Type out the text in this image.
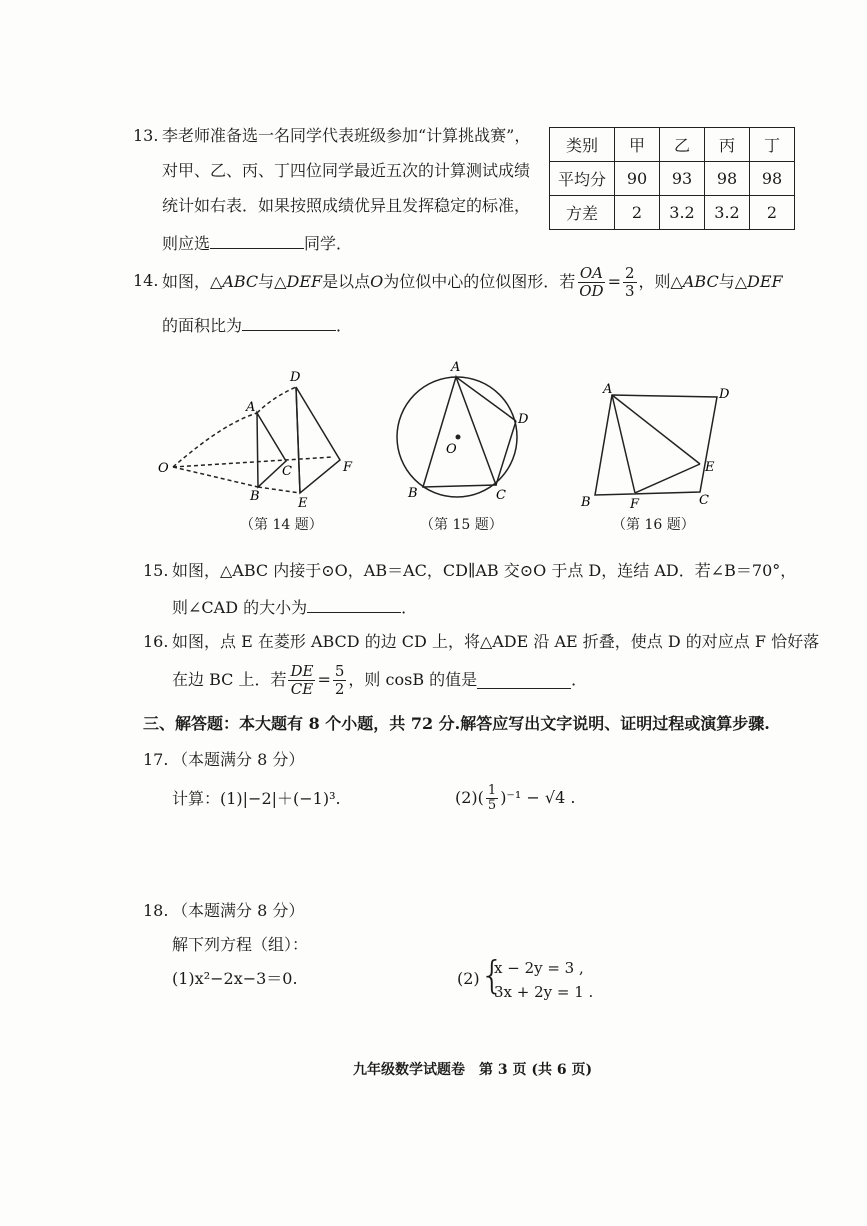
13. 李老师准备选一名同学代表班级参加“计算挑战赛”，
对甲、乙、丙、丁四位同学最近五次的计算测试成绩
统计如右表．如果按照成绩优异且发挥稳定的标准，
则应选	同学．
类别	甲	乙	丙	丁
平均分	90	93	98	98
方差	2	3.2	3.2	2
14. 如图，△ ABC 与△ DEF 是以点 O 为位似中心的位似图形．若 $\frac{OA}{OD} = \frac{2}{3}$ ，则△ ABC 与△ DEF
的面积比为	．
O
A
B
C
D
E
F
（第 14 题）
A
B	C
D
O
（第 15 题）
A
B	C
D
E
F
（第 16 题）
15. 如图，△ABC 内接于⊙O，AB＝AC，CD∥AB 交⊙O 于点 D，连结 AD．若∠B＝70°，
则∠CAD 的大小为	．
16. 如图，点 E 在菱形 ABCD 的边 CD 上，将△ADE 沿 AE 折叠，使点 D 的对应点 F 恰好落
在边 BC 上．若 $\frac{DE}{CE} = \frac{5}{2}$ ，则 cosB 的值是	．
三、解答题：本大题有 8 个小题，共 72 分.解答应写出文字说明、证明过程或演算步骤.
17. （本题满分 8 分）
计算：(1)|−2|＋(−1)³.	$(2)( \frac{1}{5} )^{-1} - √4$ .
18. （本题满分 8 分）
解下列方程（组）：
(1)x²−2x−3＝0.	(2) {
x − 2y = 3 ,
3x + 2y = 1 .
九年级数学试题卷　第 3 页 (共 6 页)
